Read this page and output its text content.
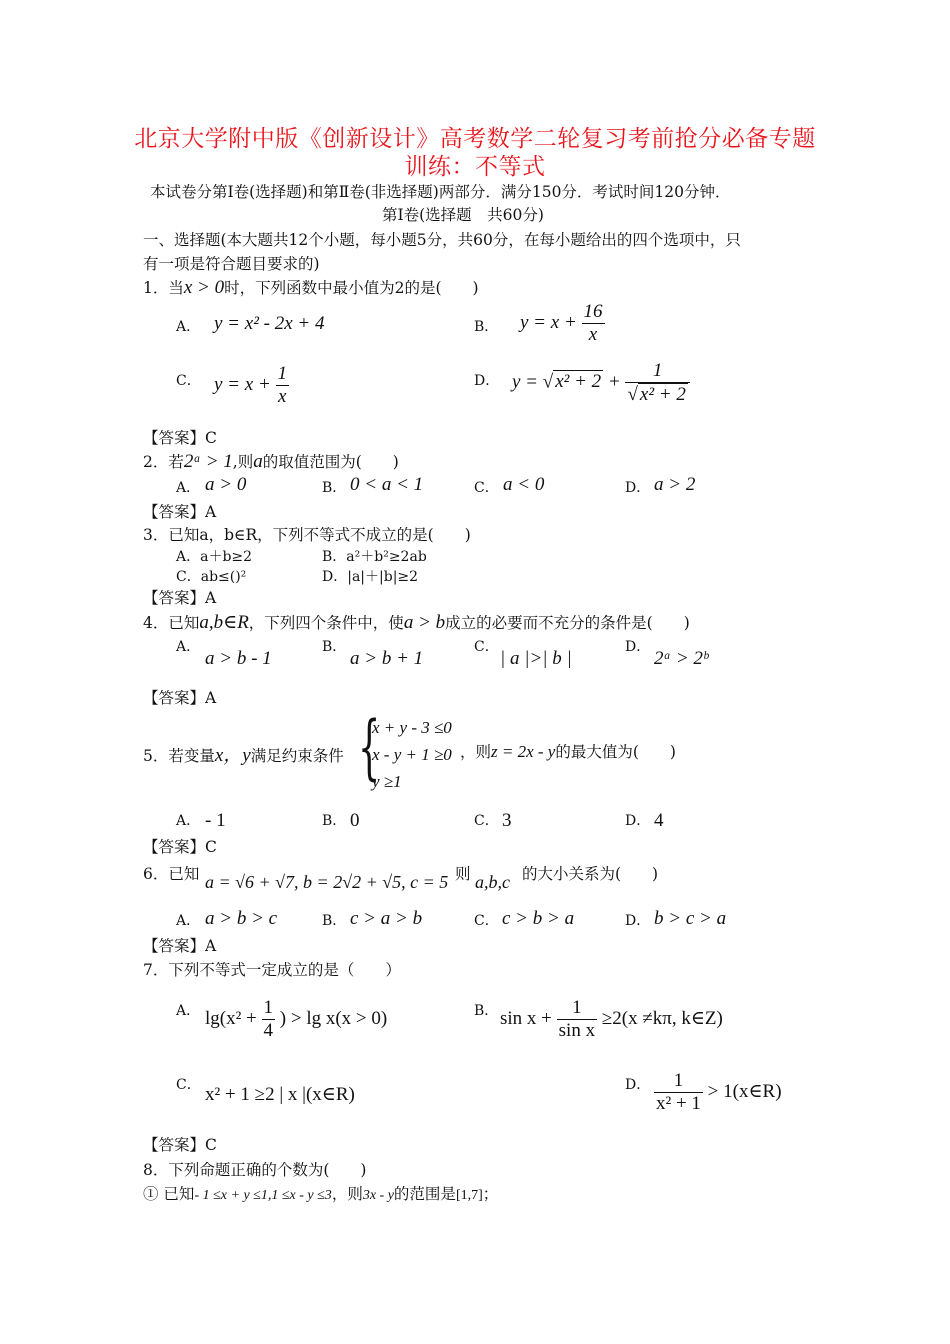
北京大学附中版《创新设计》高考数学二轮复习考前抢分必备专题
训练：不等式
本试卷分第Ⅰ卷(选择题)和第Ⅱ卷(非选择题)两部分．满分150分．考试时间120分钟．
第Ⅰ卷(选择题　共60分)
一、选择题(本大题共12个小题，每小题5分，共60分，在每小题给出的四个选项中，只
有一项是符合题目要求的)
1．当x > 0时，下列函数中最小值为2的是(　　)
A． y = x² - 2x + 4	B． $y = x + \frac{16}{x}$
C． $y = x + \frac{1}{x}$	D． y = √ $x^2 + 2 + \frac{1}{\text{√ x² + 2}}$
【答案】C
2．若2ᵃ > 1,则a的取值范围为(　　)
A． a > 0	B． 0 < a < 1	C． a < 0	D． a > 2
【答案】A
3．已知a，b∈R，下列不等式不成立的是(　　)
A．a＋b≥2	B．a²＋b²≥2ab
C．ab≤()²	D．|a|＋|b|≥2
【答案】A
4．已知a,b∈R，下列四个条件中，使a > b成立的必要而不充分的条件是(　　)
A．
a > b - 1
B．
a > b + 1
C．
| a |>| b |
D．
2ᵃ > 2ᵇ
【答案】A
5．若变量x，y满足约束条件 {
x + y - 3 ≤0
x - y + 1 ≥0
y ≥1
，则z = 2x - y的最大值为(　　)
A． - 1	B． 0	C． 3	D． 4
【答案】C
6．已知 a = √6 + √7, b = 2√2 + √5, c = 5 则 a,b,c 的大小关系为(　　)
A． a > b > c	B． c > a > b	C． c > b > a	D． b > c > a
【答案】A
7．下列不等式一定成立的是（　　）
A． $\lg(x^2 + \frac{1}{4}$ ) > lg x(x > 0)	B． $\sin x + \frac{1}{\text{sin x}} \ge 2(x \ne k\pi$, k∈Z)
C． x² + 1 ≥2 | x |(x∈R)	D． $\frac{1}{\text{x² + 1}}$ > 1(x∈R)
【答案】C
8．下列命题正确的个数为(　　)
① 已知- 1 ≤x + y ≤1,1 ≤x - y ≤3，则3x - y的范围是[1,7]；
